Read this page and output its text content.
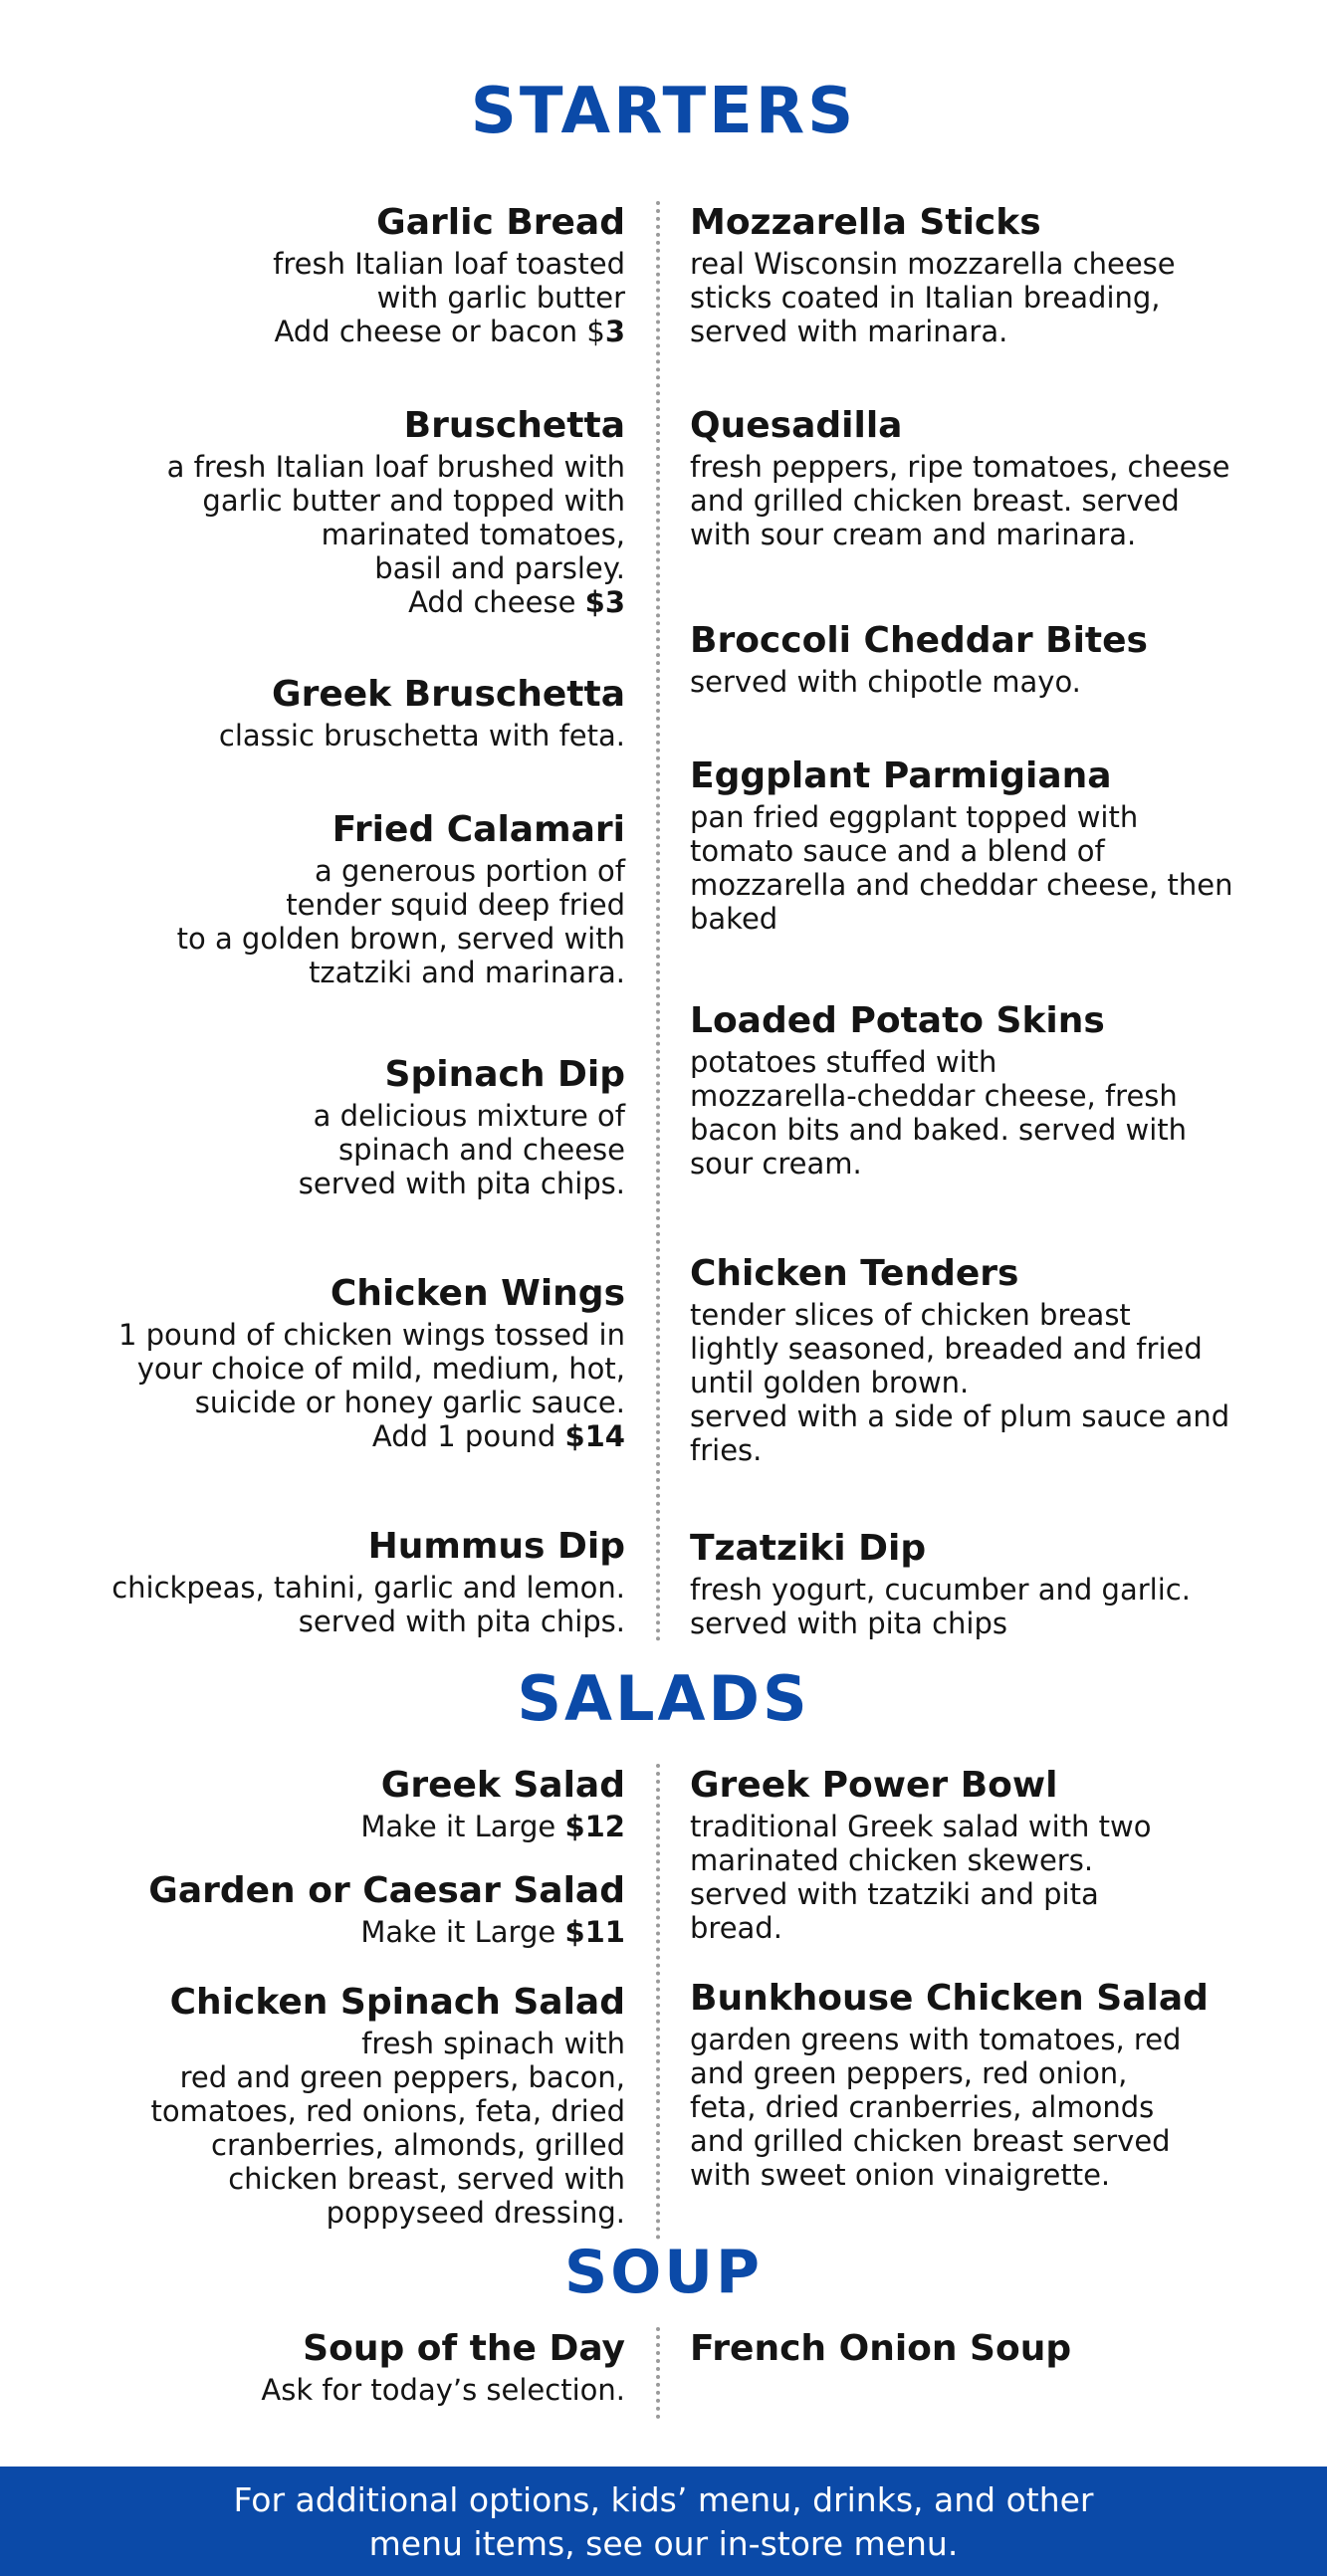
STARTERS
SALADS
SOUP
Garlic Bread
fresh Italian loaf toasted
with garlic butter
Add cheese or bacon $3
Bruschetta
a fresh Italian loaf brushed with
garlic butter and topped with
marinated tomatoes,
basil and parsley.
Add cheese $3
Greek Bruschetta
classic bruschetta with feta.
Fried Calamari
a generous portion of
tender squid deep fried
to a golden brown, served with
tzatziki and marinara.
Spinach Dip
a delicious mixture of
spinach and cheese
served with pita chips.
Chicken Wings
1 pound of chicken wings tossed in
your choice of mild, medium, hot,
suicide or honey garlic sauce.
Add 1 pound $14
Hummus Dip
chickpeas, tahini, garlic and lemon.
served with pita chips.
Mozzarella Sticks
real Wisconsin mozzarella cheese
sticks coated in Italian breading,
served with marinara.
Quesadilla
fresh peppers, ripe tomatoes, cheese
and grilled chicken breast. served
with sour cream and marinara.
Broccoli Cheddar Bites
served with chipotle mayo.
Eggplant Parmigiana
pan fried eggplant topped with
tomato sauce and a blend of
mozzarella and cheddar cheese, then
baked
Loaded Potato Skins
potatoes stuffed with
mozzarella-cheddar cheese, fresh
bacon bits and baked. served with
sour cream.
Chicken Tenders
tender slices of chicken breast
lightly seasoned, breaded and fried
until golden brown.
served with a side of plum sauce and
fries.
Tzatziki Dip
fresh yogurt, cucumber and garlic.
served with pita chips
Greek Salad
Make it Large $12
Garden or Caesar Salad
Make it Large $11
Chicken Spinach Salad
fresh spinach with
red and green peppers, bacon,
tomatoes, red onions, feta, dried
cranberries, almonds, grilled
chicken breast, served with
poppyseed dressing.
Greek Power Bowl
traditional Greek salad with two
marinated chicken skewers.
served with tzatziki and pita
bread.
Bunkhouse Chicken Salad
garden greens with tomatoes, red
and green peppers, red onion,
feta, dried cranberries, almonds
and grilled chicken breast served
with sweet onion vinaigrette.
Soup of the Day
Ask for today’s selection.
French Onion Soup
For additional options, kids’ menu, drinks, and other
menu items, see our in-store menu.
